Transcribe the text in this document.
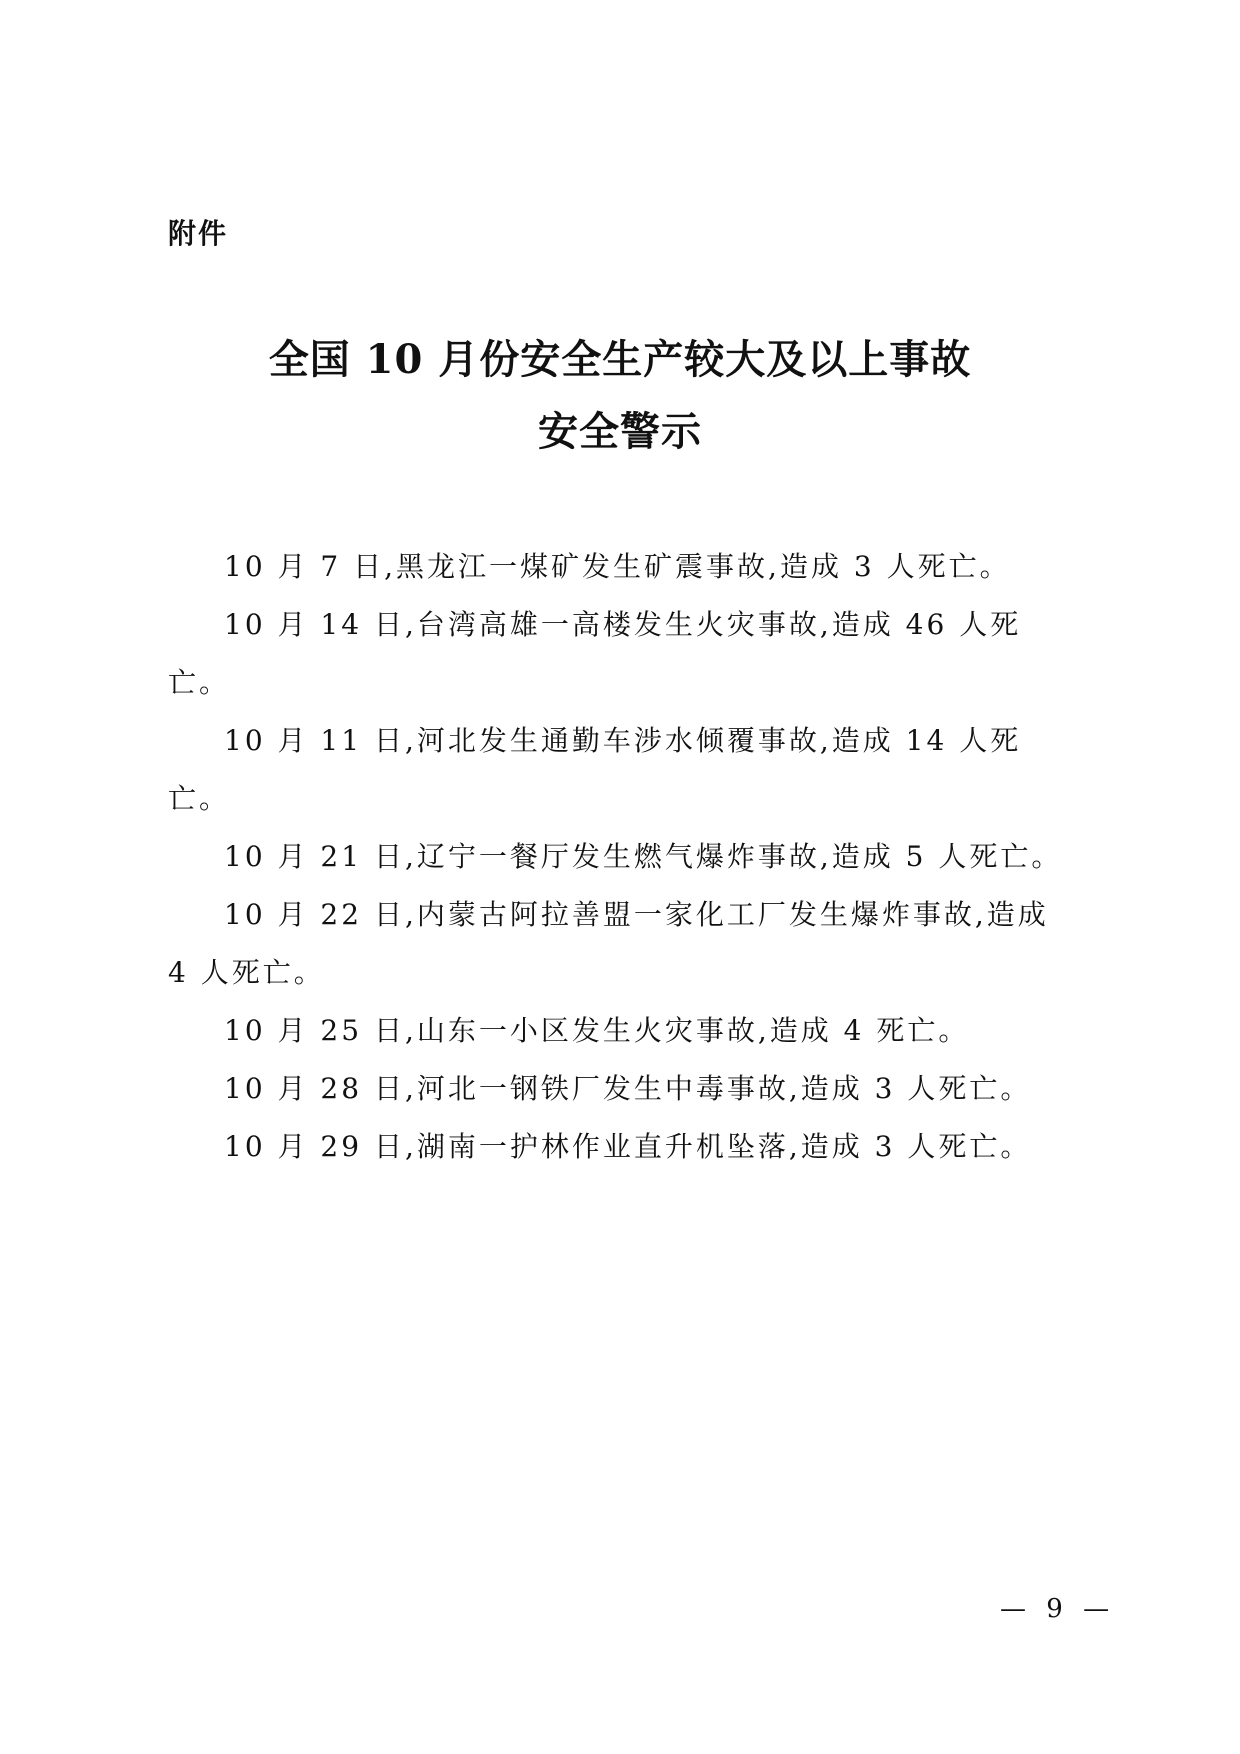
附件
全国 10 月份安全生产较大及以上事故
安全警示
10 月 7 日,黑龙江一煤矿发生矿震事故,造成 3 人死亡。
10 月 14 日,台湾高雄一高楼发生火灾事故,造成 46 人死亡。
10 月 11 日,河北发生通勤车涉水倾覆事故,造成 14 人死亡。
10 月 21 日,辽宁一餐厅发生燃气爆炸事故,造成 5 人死亡。
10 月 22 日,内蒙古阿拉善盟一家化工厂发生爆炸事故,造成 4 人死亡。
10 月 25 日,山东一小区发生火灾事故,造成 4 死亡。
10 月 28 日,河北一钢铁厂发生中毒事故,造成 3 人死亡。
10 月 29 日,湖南一护林作业直升机坠落,造成 3 人死亡。
— 9 —
